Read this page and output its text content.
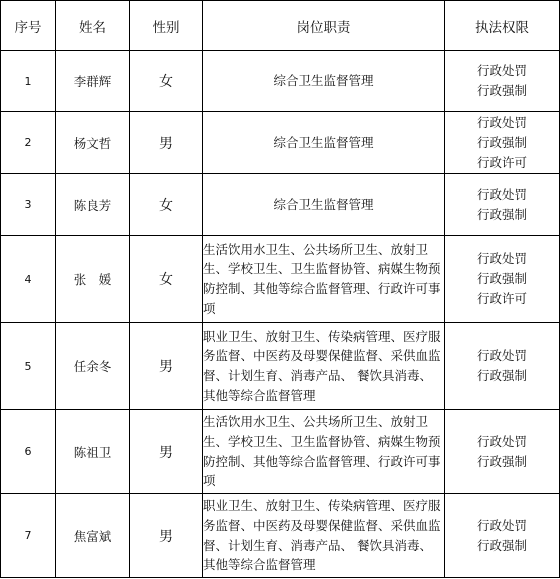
序号	姓名	性别	岗位职责	执法权限
1	李群辉	女	综合卫生监督管理	行政处罚
行政强制

2	杨文哲	男	综合卫生监督管理	行政处罚
行政强制
行政许可

3	陈良芳	女	综合卫生监督管理	行政处罚
行政强制

4	张　媛	女	生活饮用水卫生、公共场所卫生、放射卫生、学校卫生、卫生监督协管、病媒生物预防控制、其他等综合监督管理、行政许可事项	行政处罚
行政强制
行政许可

5	任余冬	男	职业卫生、放射卫生、传染病管理、医疗服务监督、中医药及母婴保健监督、采供血监督、计划生育、消毒产品、 餐饮具消毒、其他等综合监督管理	行政处罚
行政强制

6	陈祖卫	男	生活饮用水卫生、公共场所卫生、放射卫生、学校卫生、卫生监督协管、病媒生物预防控制、其他等综合监督管理、行政许可事项	行政处罚
行政强制

7	焦富斌	男	职业卫生、放射卫生、传染病管理、医疗服务监督、中医药及母婴保健监督、采供血监督、计划生育、消毒产品、 餐饮具消毒、其他等综合监督管理	行政处罚
行政强制
